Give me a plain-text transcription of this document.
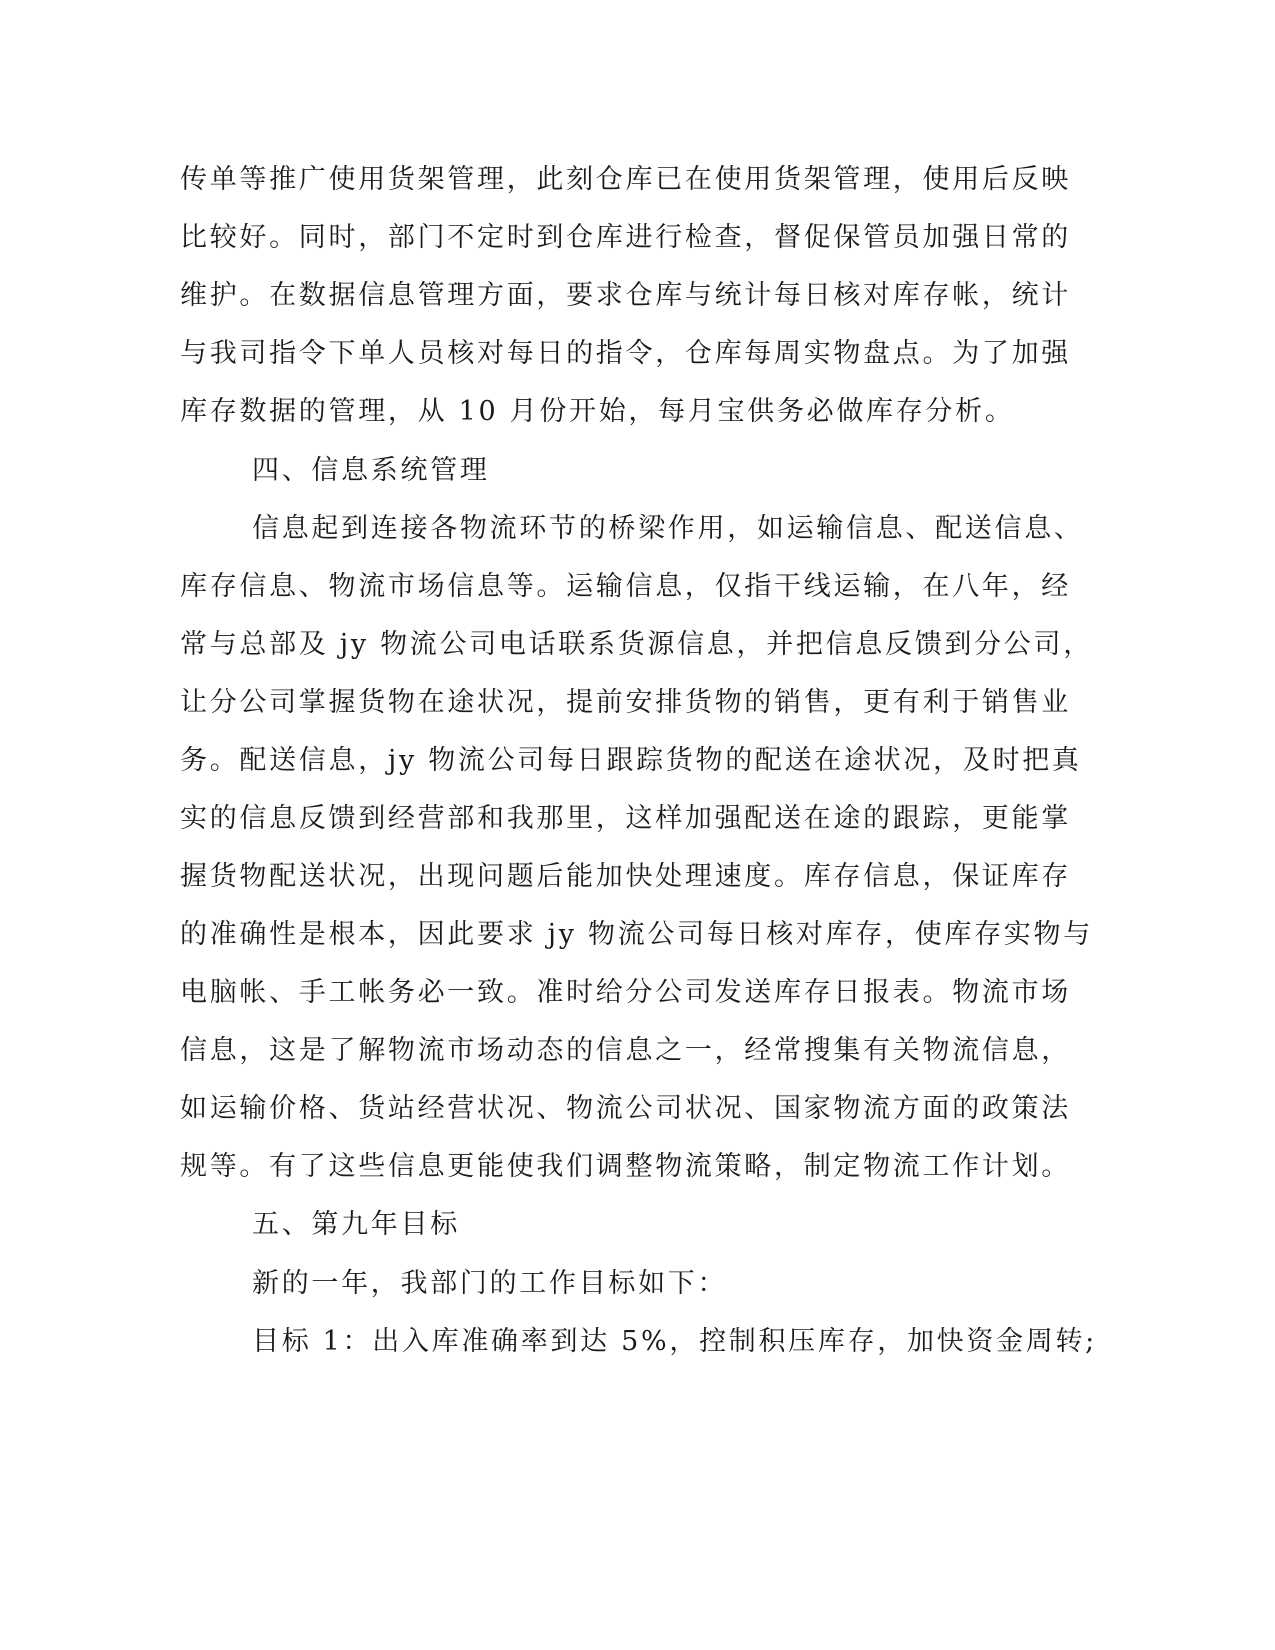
传单等推广使用货架管理，此刻仓库已在使用货架管理，使用后反映
比较好。同时，部门不定时到仓库进行检查，督促保管员加强日常的
维护。在数据信息管理方面，要求仓库与统计每日核对库存帐，统计
与我司指令下单人员核对每日的指令，仓库每周实物盘点。为了加强
库存数据的管理，从 10 月份开始，每月宝供务必做库存分析。
四、信息系统管理
信息起到连接各物流环节的桥梁作用，如运输信息、配送信息、
库存信息、物流市场信息等。运输信息，仅指干线运输，在八年，经
常与总部及 jy 物流公司电话联系货源信息，并把信息反馈到分公司，
让分公司掌握货物在途状况，提前安排货物的销售，更有利于销售业
务。配送信息，jy 物流公司每日跟踪货物的配送在途状况，及时把真
实的信息反馈到经营部和我那里，这样加强配送在途的跟踪，更能掌
握货物配送状况，出现问题后能加快处理速度。库存信息，保证库存
的准确性是根本，因此要求 jy 物流公司每日核对库存，使库存实物与
电脑帐、手工帐务必一致。准时给分公司发送库存日报表。物流市场
信息，这是了解物流市场动态的信息之一，经常搜集有关物流信息，
如运输价格、货站经营状况、物流公司状况、国家物流方面的政策法
规等。有了这些信息更能使我们调整物流策略，制定物流工作计划。
五、第九年目标
新的一年，我部门的工作目标如下：
目标 1：出入库准确率到达 5%，控制积压库存，加快资金周转;
